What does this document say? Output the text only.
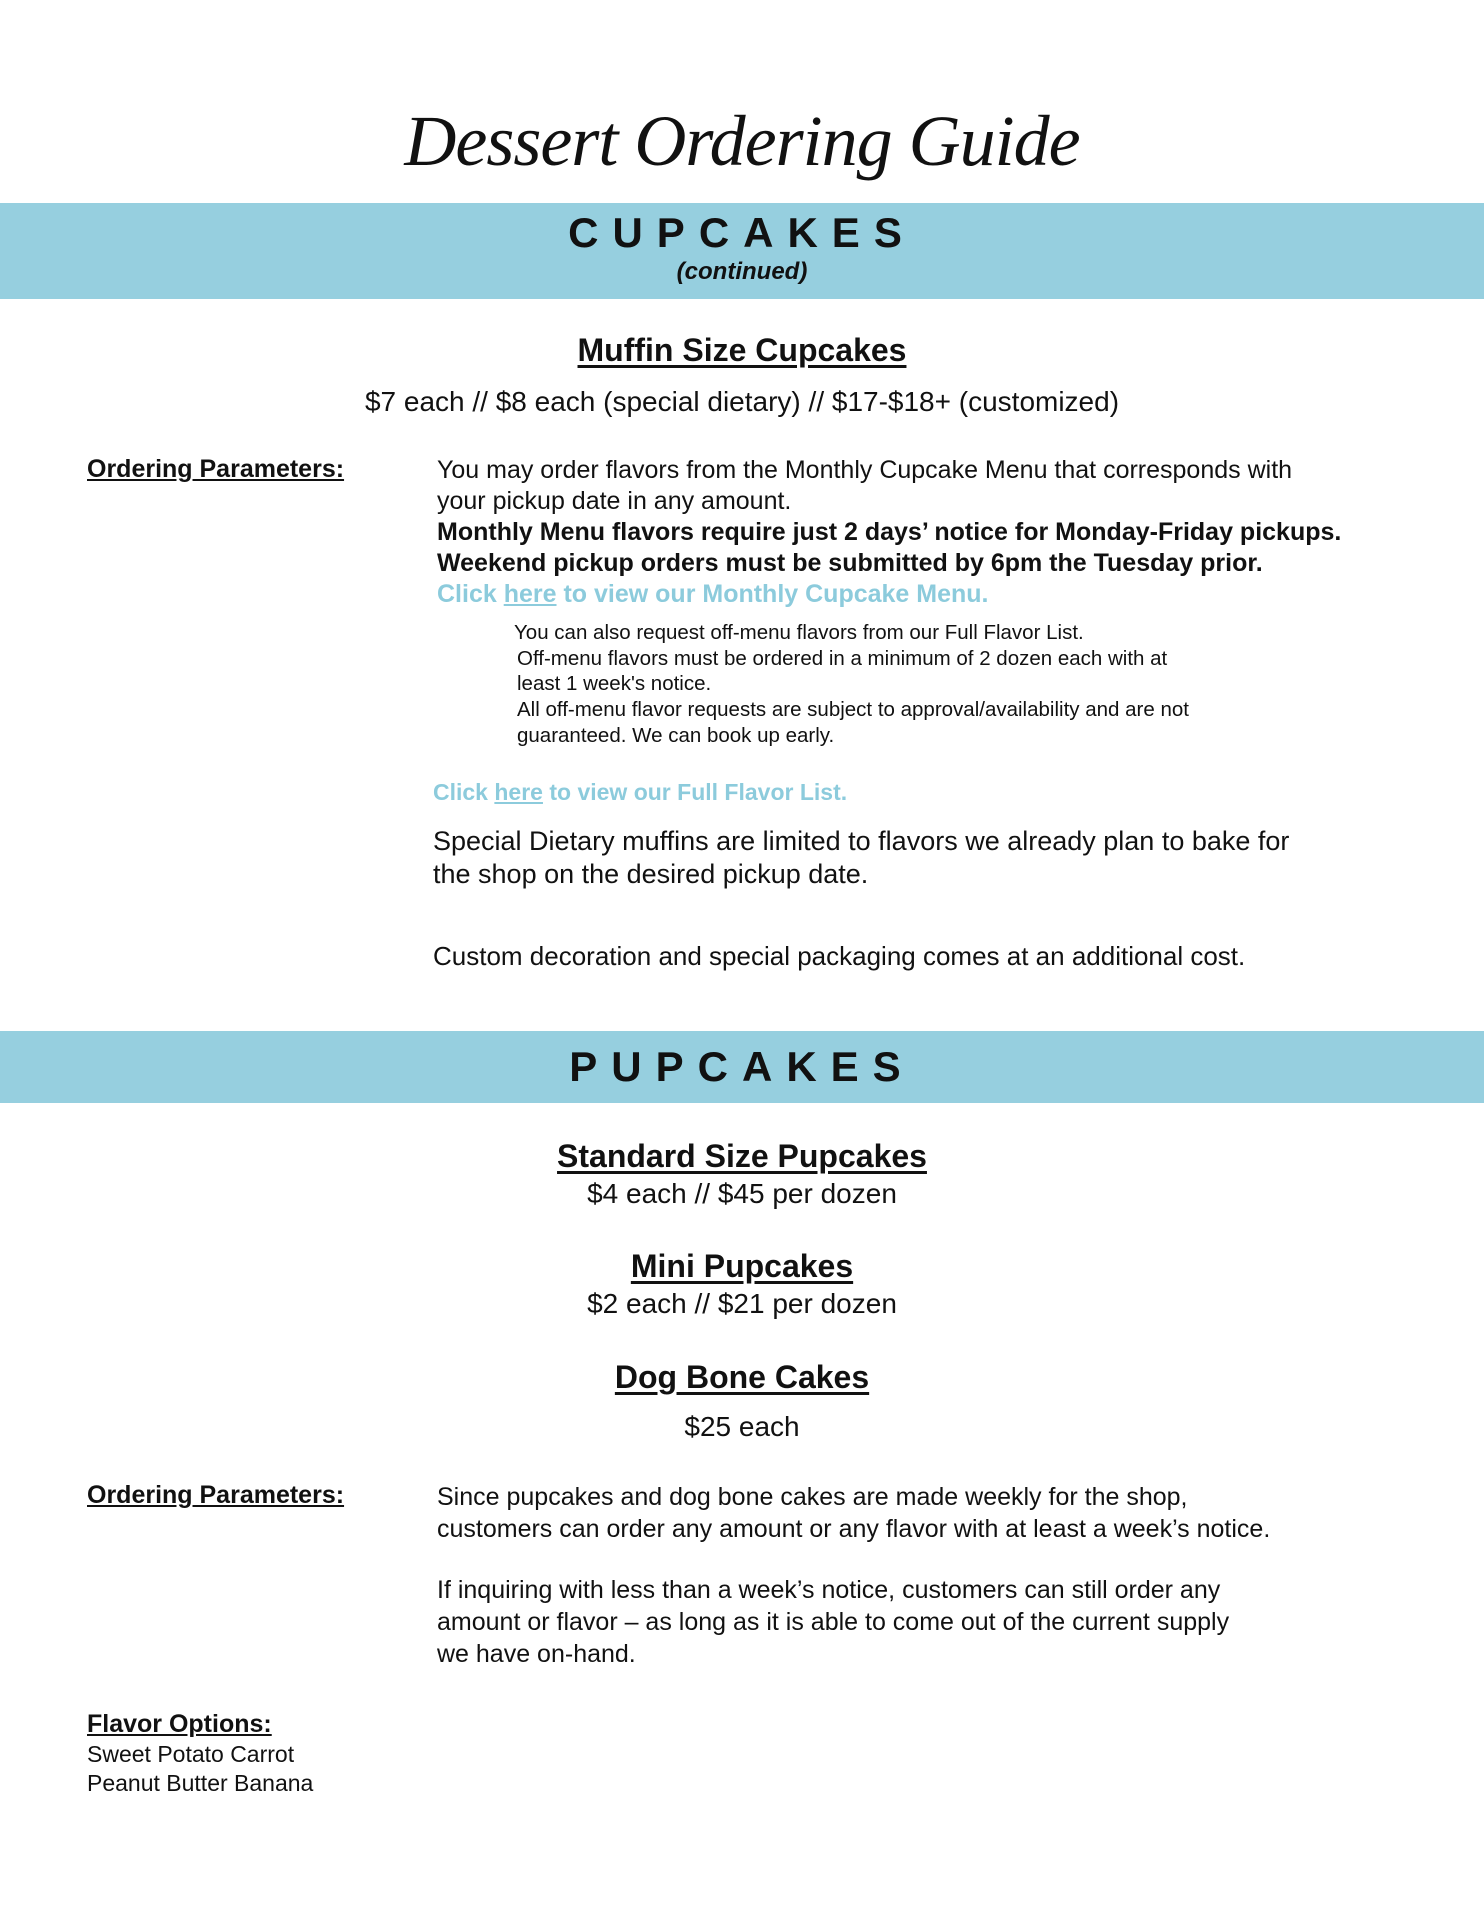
Dessert Ordering Guide
CUPCAKES
(continued)
Muffin Size Cupcakes
$7 each // $8 each (special dietary) // $17-$18+ (customized)
Ordering Parameters:	You may order flavors from the Monthly Cupcake Menu that corresponds with

your pickup date in any amount.

Monthly Menu flavors require just 2 days’ notice for Monday-Friday pickups.

Weekend pickup orders must be submitted by 6pm the Tuesday prior.

Click here to view our Monthly Cupcake Menu.

You can also request off-menu flavors from our Full Flavor List.

Off-menu flavors must be ordered in a minimum of 2 dozen each with at

least 1 week's notice.

All off-menu flavor requests are subject to approval/availability and are not

guaranteed. We can book up early.

Click here to view our Full Flavor List.
Special Dietary muffins are limited to flavors we already plan to bake for
the shop on the desired pickup date.
Custom decoration and special packaging comes at an additional cost.
PUPCAKES
Standard Size Pupcakes
$4 each // $45 per dozen
Mini Pupcakes
$2 each // $21 per dozen
Dog Bone Cakes
$25 each
Ordering Parameters:	Since pupcakes and dog bone cakes are made weekly for the shop,

customers can order any amount or any flavor with at least a week’s notice.

If inquiring with less than a week’s notice, customers can still order any

amount or flavor – as long as it is able to come out of the current supply

we have on-hand.

Flavor Options:
Sweet Potato Carrot
Peanut Butter Banana
